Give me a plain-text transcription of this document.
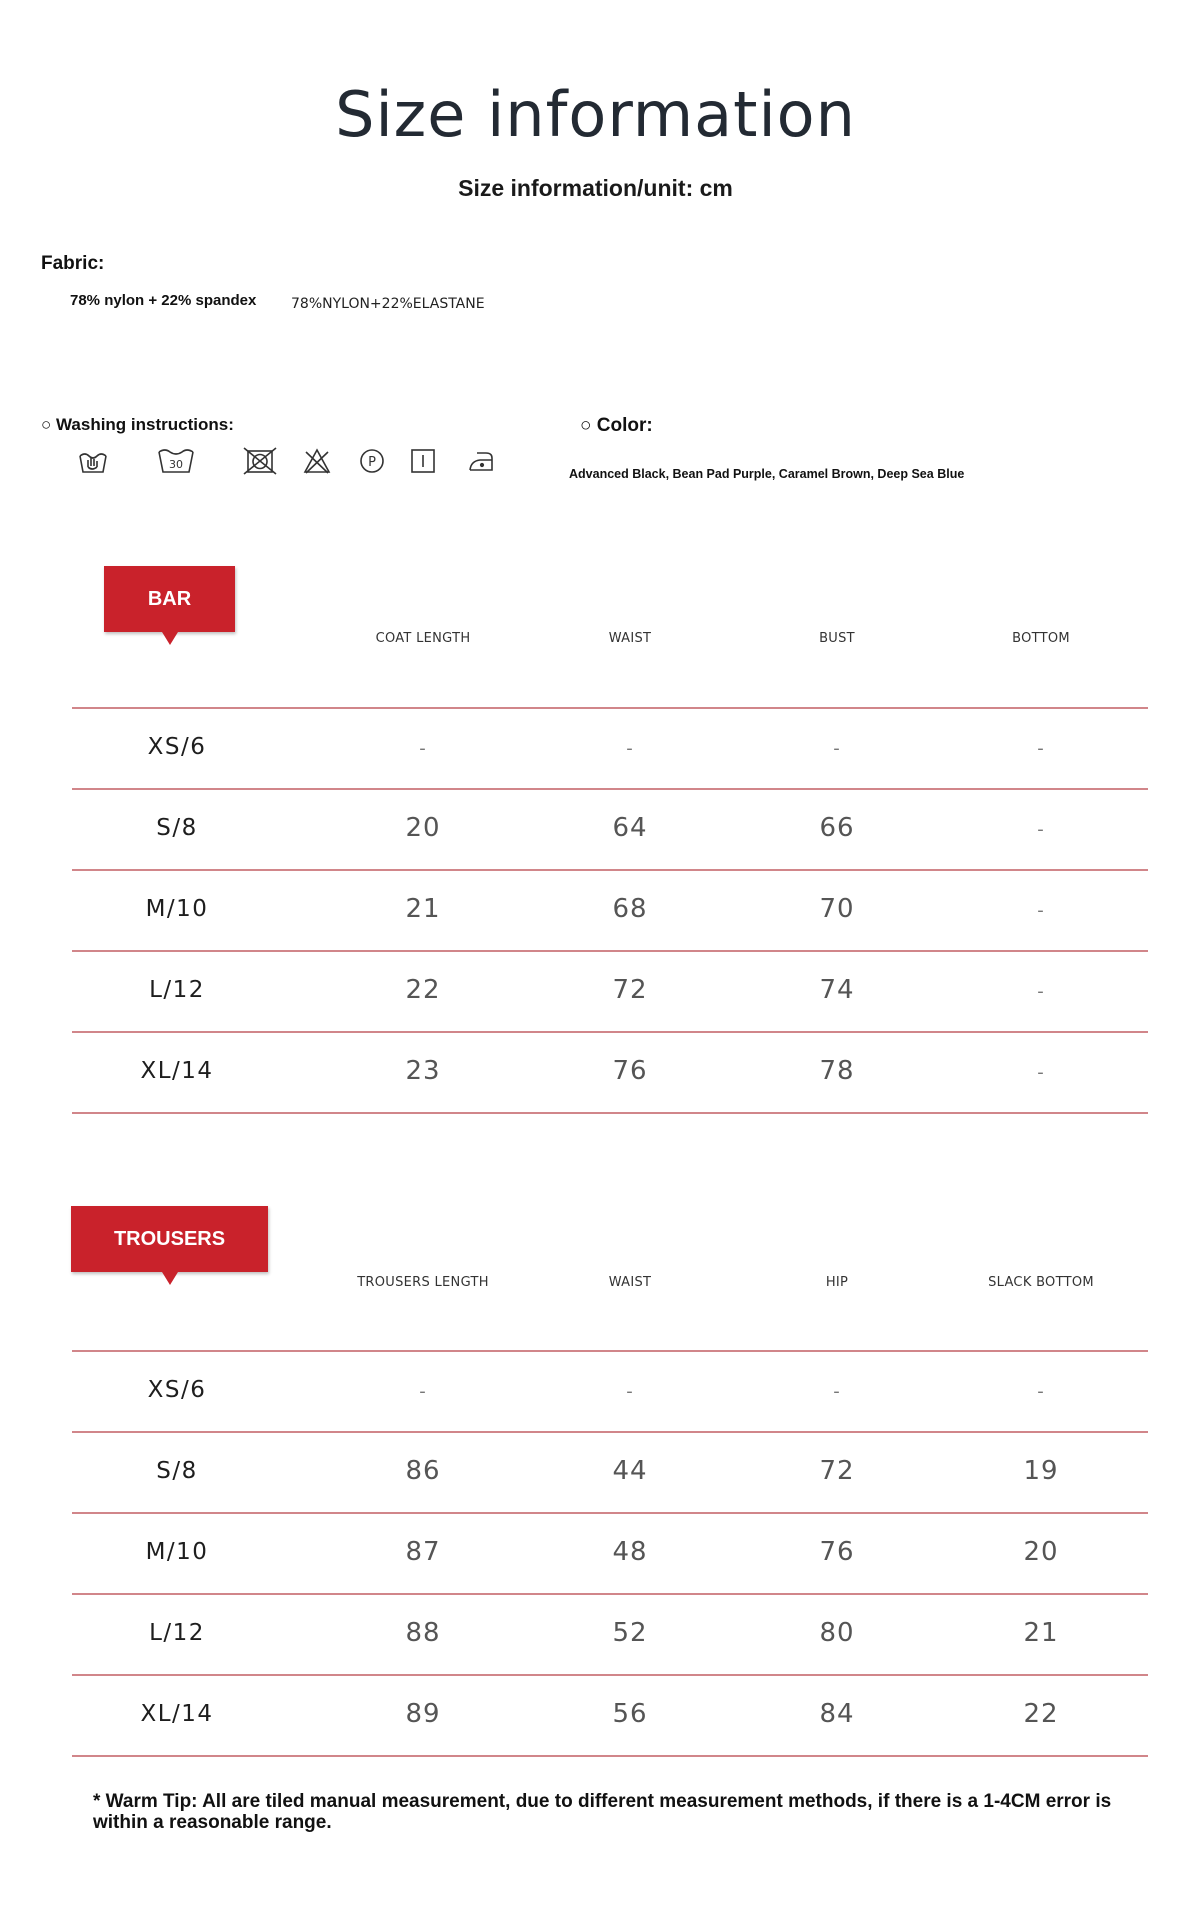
Size information
Size information/unit: cm
Fabric:
78% nylon + 22% spandex 78%NYLON+22%ELASTANE
○ Washing instructions:	○ Color:
Advanced Black, Bean Pad Purple, Caramel Brown, Deep Sea Blue
30	P
BAR
COAT LENGTH	WAIST	BUST	BOTTOM
XS/6	-	-	-	-
S/8	20	64	66	-
M/10	21	68	70	-
L/12	22	72	74	-
XL/14	23	76	78	-
TROUSERS
TROUSERS LENGTH	WAIST	HIP	SLACK BOTTOM
XS/6	-	-	-	-
S/8	86	44	72	19
M/10	87	48	76	20
L/12	88	52	80	21
XL/14	89	56	84	22
* Warm Tip: All are tiled manual measurement, due to different measurement methods, if there is a 1-4CM error is within a reasonable range.
